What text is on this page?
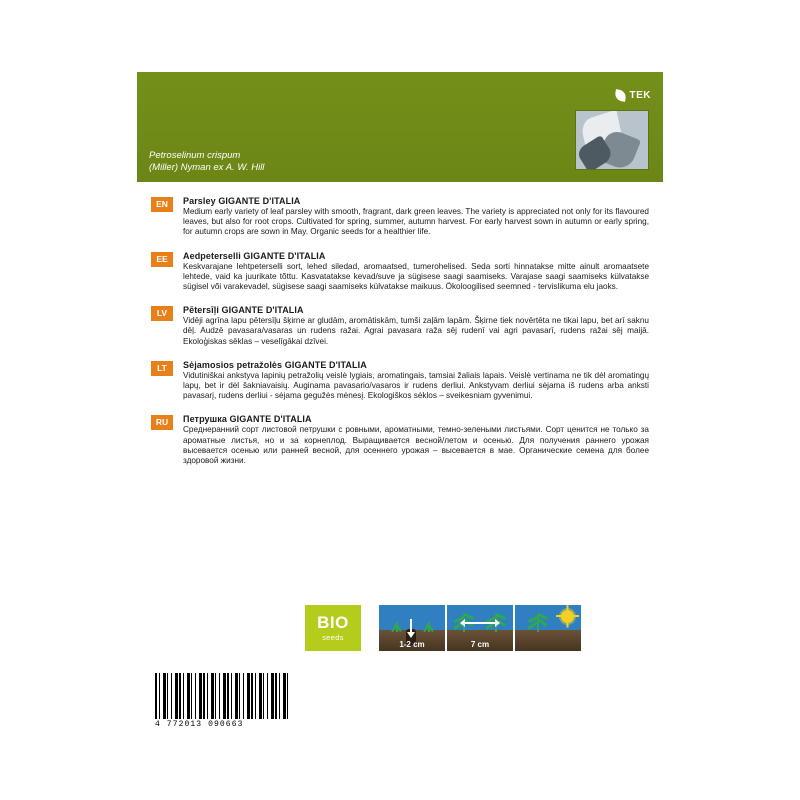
TEK
Petroselinum crispum
(Miller) Nyman ex A. W. Hill
EN	Parsley GIGANTE D'ITALIA
Medium early variety of leaf parsley with smooth, fragrant, dark green leaves. The variety is appreciated not only for its flavoured leaves, but also for root crops. Cultivated for spring, summer, autumn harvest. For early harvest sown in autumn or early spring, for autumn crops are sown in May. Organic seeds for a healthier life.
EE	Aedpeterselli GIGANTE D'ITALIA
Keskvarajane lehtpeterselli sort, lehed siledad, aromaatsed, tumerohelised. Seda sorti hinnatakse mitte ainult aromaatsete lehtede, vaid ka juurikate tõttu. Kasvatatakse kevad/suve ja sügisese saagi saamiseks. Varajase saagi saamiseks külvatakse sügisel või varakevadel, sügisese saagi saamiseks külvatakse maikuus. Ökoloogilised seemned - tervislikuma elu jaoks.
LV	Pētersīļi GIGANTE D'ITALIA
Vidēji agrīna lapu pētersīļu šķirne ar gludām, aromātiskām, tumši zaļām lapām. Šķirne tiek novērtēta ne tikai lapu, bet arī saknu dēļ. Audzē pavasara/vasaras un rudens ražai. Agrai pavasara raža sēj rudenī vai agri pavasarī, rudens ražai sēj maijā. Ekoloģiskas sēklas – veselīgākai dzīvei.
LT	Sėjamosios petražolės GIGANTE D'ITALIA
Vidutiniškai ankstyva lapinių petražolių veislė lygiais, aromatingais, tamsiai žaliais lapais. Veislė vertinama ne tik dėl aromatingų lapų, bet ir dėl šakniavaisių. Auginama pavasario/vasaros ir rudens derliui. Ankstyvam derliui sėjama iš rudens arba anksti pavasarį, rudens derliui - sėjama gegužės mėnesį. Ekologiškos sėklos – sveikesniam gyvenimui.
RU	Петрушка GIGANTE D'ITALIA
Среднеранний сорт листовой петрушки с ровными, ароматными, темно-зелеными листьями. Сорт ценится не только за ароматные листья, но и за корнеплод. Выращивается весной/летом и осенью. Для получения раннего урожая высевается осенью или ранней весной, для осеннего урожая – высевается в мае. Органические семена для более здоровой жизни.
BIO
seeds
1-2 cm	7 cm
4 772013 090663
